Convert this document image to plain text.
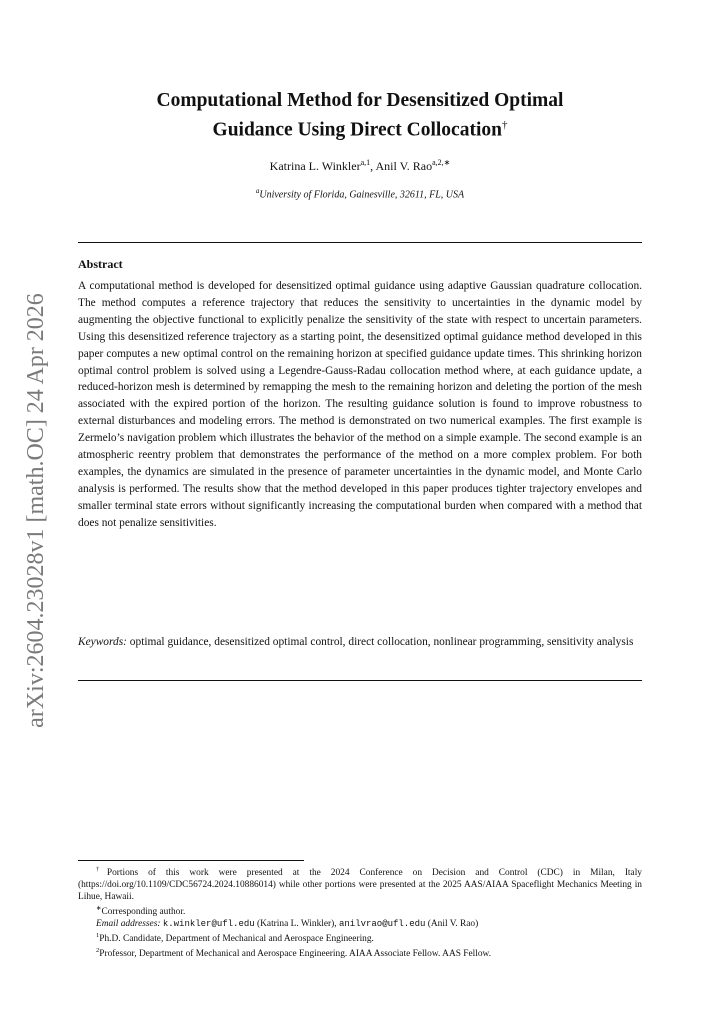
arXiv:2604.23028v1 [math.OC] 24 Apr 2026
Computational Method for Desensitized Optimal
Guidance Using Direct Collocation†
Katrina L. Winkler$^{a,1}$, Anil V. Rao$^{a,2,∗}$
$^a$University of Florida, Gainesville, 32611, FL, USA
Abstract
A computational method is developed for desensitized optimal guidance using adaptive Gaussian quadrature collocation. The method computes a reference trajectory that reduces the sensitivity to uncertainties in the dynamic model by augmenting the objective functional to explicitly penalize the sensitivity of the state with respect to uncertain parameters. Using this desensitized reference trajectory as a starting point, the desensitized optimal guidance method developed in this paper computes a new optimal control on the remaining horizon at specified guidance update times. This shrinking horizon optimal control problem is solved using a Legendre-Gauss-Radau collocation method where, at each guidance update, a reduced-horizon mesh is determined by remapping the mesh to the remaining horizon and deleting the portion of the mesh associated with the expired portion of the horizon. The resulting guidance solution is found to improve robustness to external disturbances and modeling errors. The method is demonstrated on two numerical examples. The first example is Zermelo’s navigation problem which illustrates the behavior of the method on a simple example. The second example is an atmospheric reentry problem that demonstrates the performance of the method on a more complex problem. For both examples, the dynamics are simulated in the presence of parameter uncertainties in the dynamic model, and Monte Carlo analysis is performed. The results show that the method developed in this paper produces tighter trajectory envelopes and smaller terminal state errors without significantly increasing the computational burden when compared with a method that does not penalize sensitivities.
Keywords: optimal guidance, desensitized optimal control, direct collocation, nonlinear programming, sensitivity analysis

†Portions of this work were presented at the 2024 Conference on Decision and Control (CDC) in Milan, Italy (https://doi.org/10.1109/CDC56724.2024.10886014) while other portions were presented at the 2025 AAS/AIAA Spaceflight Mechanics Meeting in Lihue, Hawaii.

∗Corresponding author.

Email addresses: k.winkler@ufl.edu (Katrina L. Winkler), anilvrao@ufl.edu (Anil V. Rao)

$^1$Ph.D. Candidate, Department of Mechanical and Aerospace Engineering.

$^2$Professor, Department of Mechanical and Aerospace Engineering. AIAA Associate Fellow. AAS Fellow.
